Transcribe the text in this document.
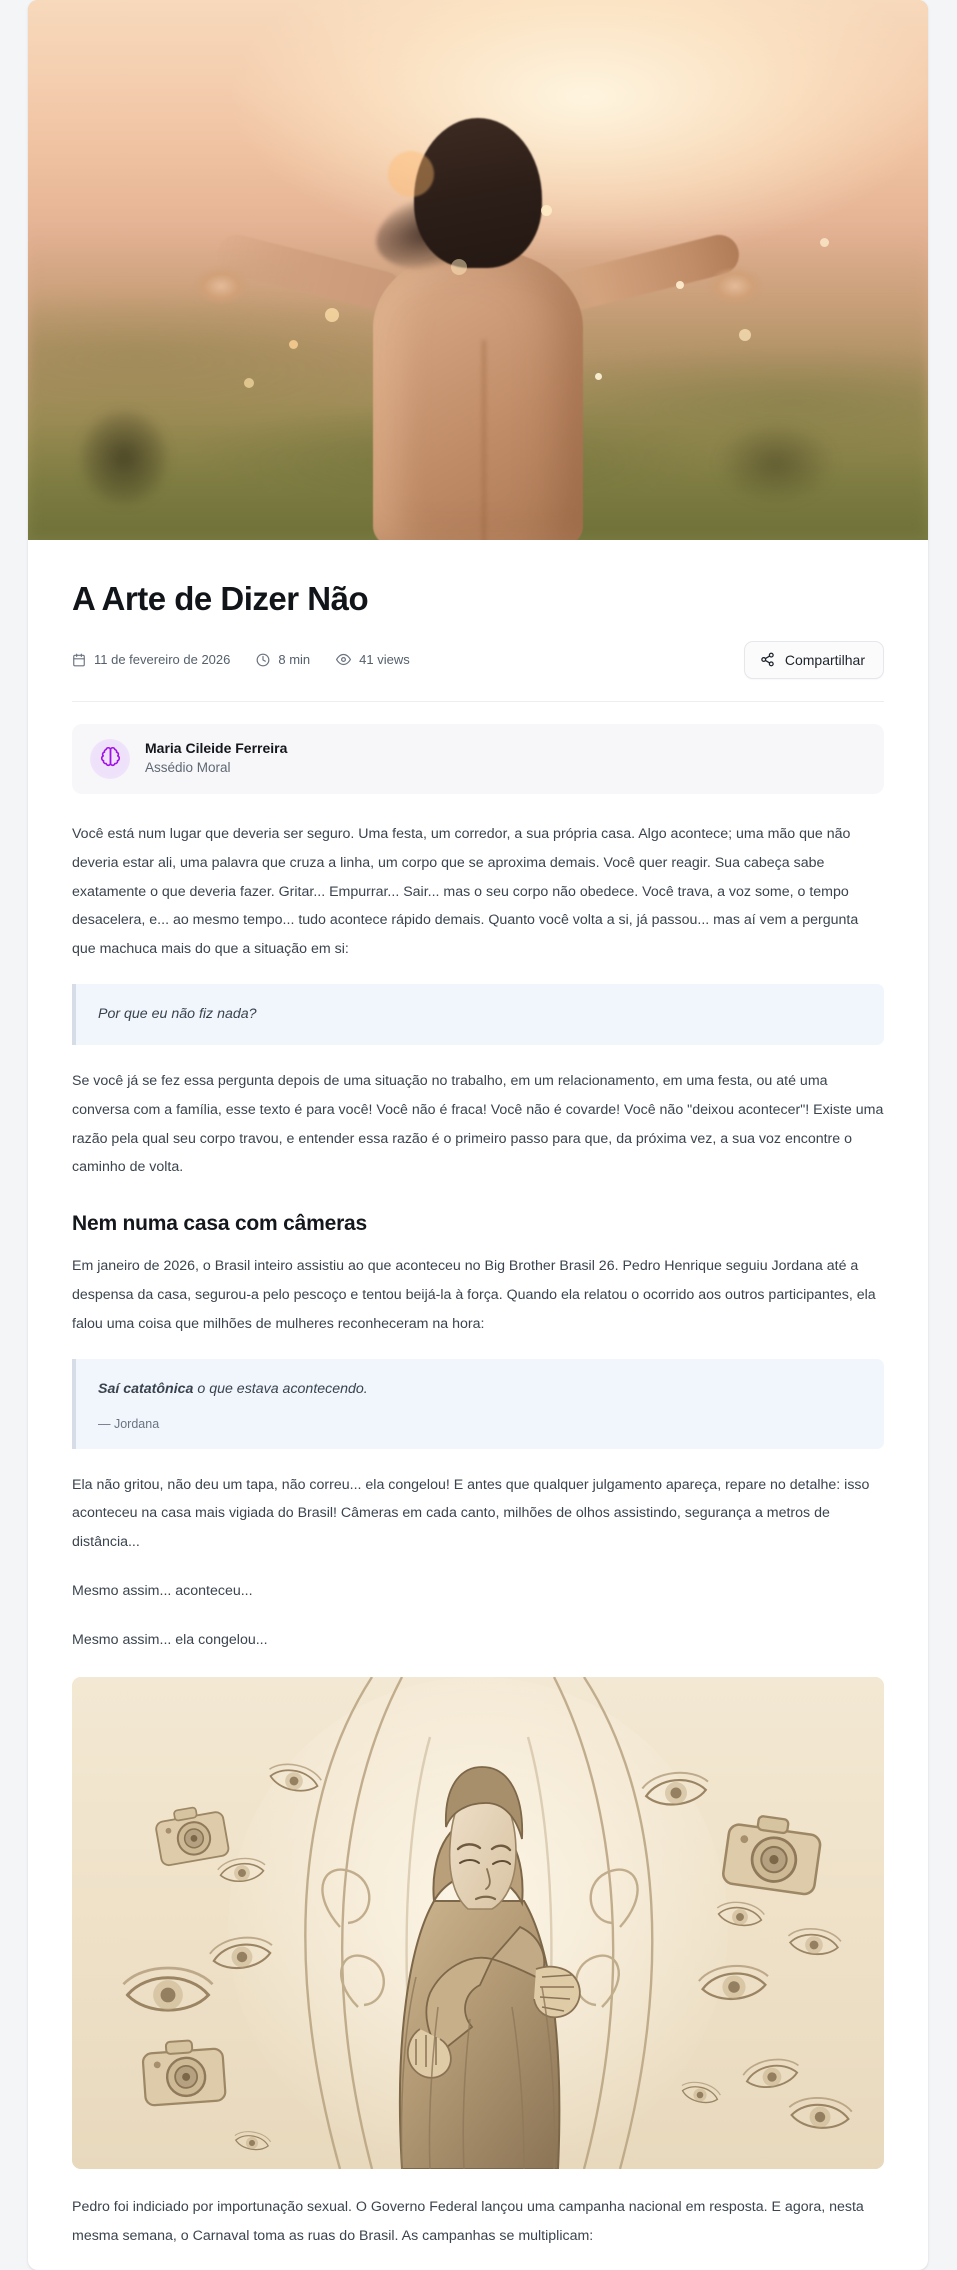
A Arte de Dizer Não
11 de fevereiro de 2026	8 min	41 views	Compartilhar
Maria Cileide Ferreira
Assédio Moral

Você está num lugar que deveria ser seguro. Uma festa, um corredor, a sua própria casa. Algo acontece; uma mão que não deveria estar ali, uma palavra que cruza a linha, um corpo que se aproxima demais. Você quer reagir. Sua cabeça sabe exatamente o que deveria fazer. Gritar... Empurrar... Sair... mas o seu corpo não obedece. Você trava, a voz some, o tempo desacelera, e... ao mesmo tempo... tudo acontece rápido demais. Quanto você volta a si, já passou... mas aí vem a pergunta que machuca mais do que a situação em si:

Por que eu não fiz nada?

Se você já se fez essa pergunta depois de uma situação no trabalho, em um relacionamento, em uma festa, ou até uma conversa com a família, esse texto é para você! Você não é fraca! Você não é covarde! Você não "deixou acontecer"! Existe uma razão pela qual seu corpo travou, e entender essa razão é o primeiro passo para que, da próxima vez, a sua voz encontre o caminho de volta.

Nem numa casa com câmeras

Em janeiro de 2026, o Brasil inteiro assistiu ao que aconteceu no Big Brother Brasil 26. Pedro Henrique seguiu Jordana até a despensa da casa, segurou-a pelo pescoço e tentou beijá-la à força. Quando ela relatou o ocorrido aos outros participantes, ela falou uma coisa que milhões de mulheres reconheceram na hora:

Saí catatônica o que estava acontecendo.

— Jordana

Ela não gritou, não deu um tapa, não correu... ela congelou! E antes que qualquer julgamento apareça, repare no detalhe: isso aconteceu na casa mais vigiada do Brasil! Câmeras em cada canto, milhões de olhos assistindo, segurança a metros de distância...

Mesmo assim... aconteceu...

Mesmo assim... ela congelou...

Pedro foi indiciado por importunação sexual. O Governo Federal lançou uma campanha nacional em resposta. E agora, nesta mesma semana, o Carnaval toma as ruas do Brasil. As campanhas se multiplicam:
